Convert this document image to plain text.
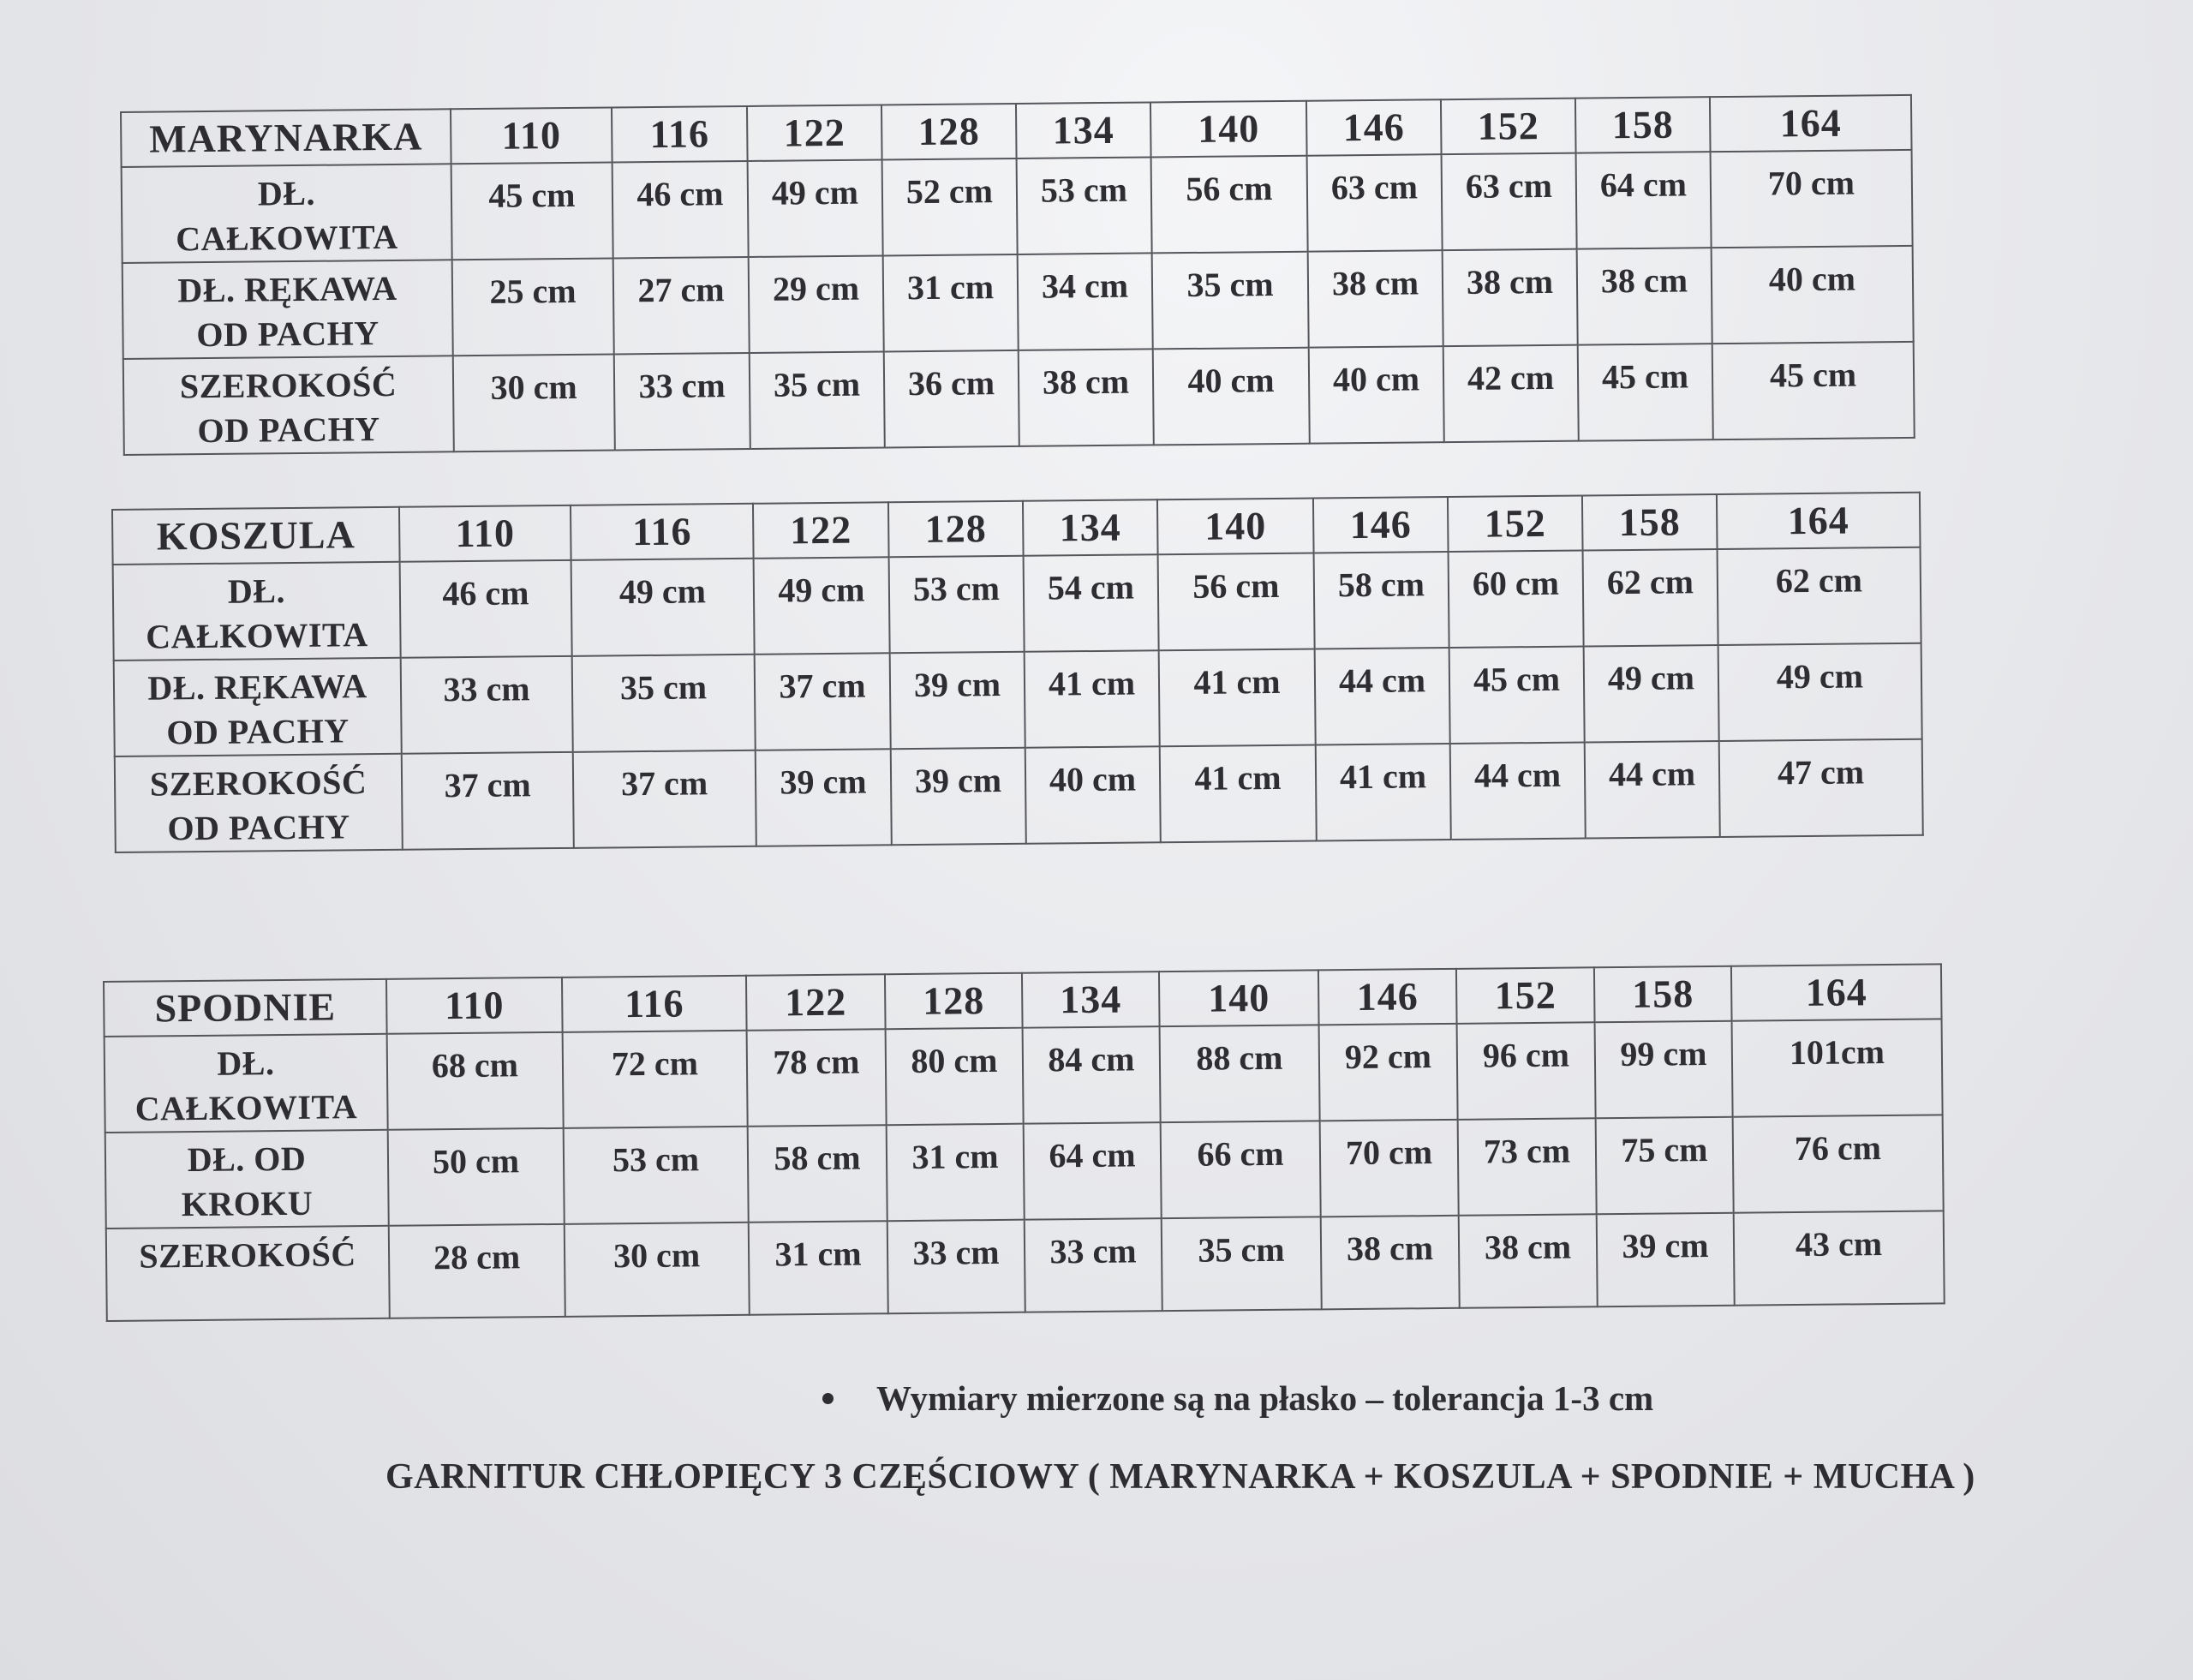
MARYNARKA	110	116	122	128	134	140	146	152	158	164
DŁ.
CAŁKOWITA	45 cm	46 cm	49 cm	52 cm	53 cm	56 cm	63 cm	63 cm	64 cm	70 cm
DŁ. RĘKAWA
OD PACHY	25 cm	27 cm	29 cm	31 cm	34 cm	35 cm	38 cm	38 cm	38 cm	40 cm
SZEROKOŚĆ
OD PACHY	30 cm	33 cm	35 cm	36 cm	38 cm	40 cm	40 cm	42 cm	45 cm	45 cm
KOSZULA	110	116	122	128	134	140	146	152	158	164
DŁ.
CAŁKOWITA	46 cm	49 cm	49 cm	53 cm	54 cm	56 cm	58 cm	60 cm	62 cm	62 cm
DŁ. RĘKAWA
OD PACHY	33 cm	35 cm	37 cm	39 cm	41 cm	41 cm	44 cm	45 cm	49 cm	49 cm
SZEROKOŚĆ
OD PACHY	37 cm	37 cm	39 cm	39 cm	40 cm	41 cm	41 cm	44 cm	44 cm	47 cm
SPODNIE	110	116	122	128	134	140	146	152	158	164
DŁ.
CAŁKOWITA	68 cm	72 cm	78 cm	80 cm	84 cm	88 cm	92 cm	96 cm	99 cm	101cm
DŁ. OD
KROKU	50 cm	53 cm	58 cm	31 cm	64 cm	66 cm	70 cm	73 cm	75 cm	76 cm
SZEROKOŚĆ	28 cm	30 cm	31 cm	33 cm	33 cm	35 cm	38 cm	38 cm	39 cm	43 cm
Wymiary mierzone są na płasko – tolerancja 1-3 cm
GARNITUR CHŁOPIĘCY 3 CZĘŚCIOWY ( MARYNARKA + KOSZULA + SPODNIE + MUCHA )
